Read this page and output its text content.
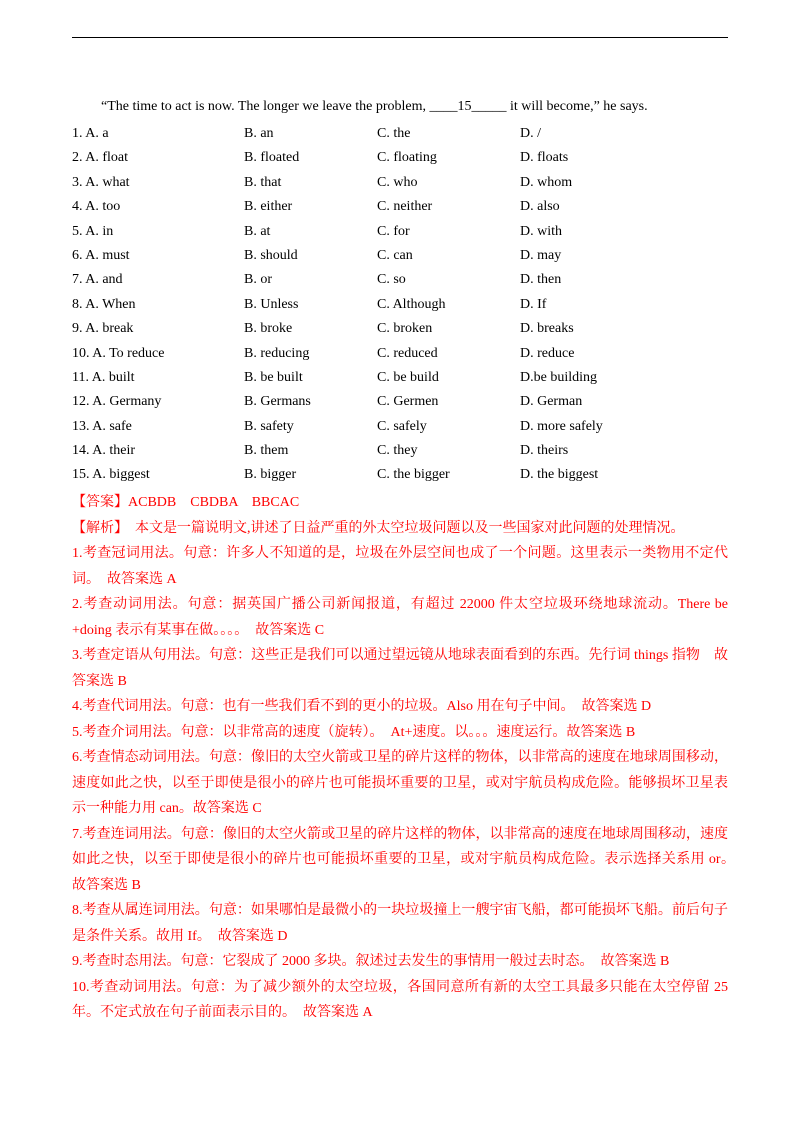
“The time to act is now. The longer we leave the problem, ____15_____ it will become,” he says.
1. A. a	B. an	C. the	D. /
2. A. float	B. floated	C. floating	D. floats
3. A. what	B. that	C. who	D. whom
4. A. too	B. either	C. neither	D. also
5. A. in	B. at	C. for	D. with
6. A. must	B. should	C. can	D. may
7. A. and	B. or	C. so	D. then
8. A. When	B. Unless	C. Although	D. If
9. A. break	B. broke	C. broken	D. breaks
10. A. To reduce	B. reducing	C. reduced	D. reduce
11. A. built	B. be built	C. be build	D.be building
12. A. Germany	B. Germans	C. Germen	D. German
13. A. safe	B. safety	C. safely	D. more safely
14. A. their	B. them	C. they	D. theirs
15. A. biggest	B. bigger	C. the bigger	D. the biggest

【答案】ACBDB　CBDBA　BBCAC

【解析】　本文是一篇说明文,讲述了日益严重的外太空垃圾问题以及一些国家对此问题的处理情况。

1.考查冠词用法。句意：许多人不知道的是，垃圾在外层空间也成了一个问题。这里表示一类物用不定代词。　故答案选 A

2.考查动词用法。句意：据英国广播公司新闻报道，有超过 22000 件太空垃圾环绕地球流动。There be +doing 表示有某事在做。。。。　故答案选 C

3.考查定语从句用法。句意：这些正是我们可以通过望远镜从地球表面看到的东西。先行词 things 指物　故答案选 B

4.考查代词用法。句意：也有一些我们看不到的更小的垃圾。Also 用在句子中间。　故答案选 D

5.考查介词用法。句意：以非常高的速度（旋转）。　At+速度。以。。。速度运行。故答案选 B

6.考查情态动词用法。句意：像旧的太空火箭或卫星的碎片这样的物体，以非常高的速度在地球周围移动，速度如此之快，以至于即使是很小的碎片也可能损坏重要的卫星，或对宇航员构成危险。能够损坏卫星表示一种能力用 can。故答案选 C

7.考查连词用法。句意：像旧的太空火箭或卫星的碎片这样的物体，以非常高的速度在地球周围移动，速度如此之快，以至于即使是很小的碎片也可能损坏重要的卫星，或对宇航员构成危险。表示选择关系用 or。　故答案选 B

8.考查从属连词用法。句意：如果哪怕是最微小的一块垃圾撞上一艘宇宙飞船，都可能损坏飞船。前后句子是条件关系。故用 If。　故答案选 D

9.考查时态用法。句意：它裂成了 2000 多块。叙述过去发生的事情用一般过去时态。　故答案选 B

10.考查动词用法。句意：为了减少额外的太空垃圾，各国同意所有新的太空工具最多只能在太空停留 25 年。不定式放在句子前面表示目的。　故答案选 A
